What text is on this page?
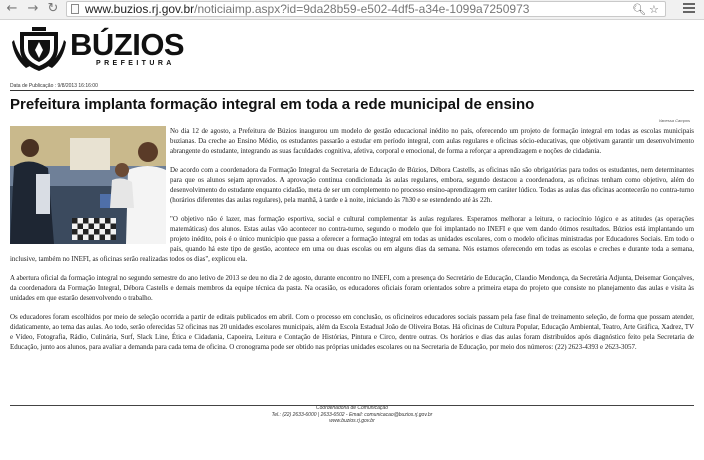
← → ↻ www.buzios.rj.gov.br/noticiaimp.aspx?id=9da28b59-e502-4df5-a34e-1099a7250973	🔍︎ ☆
BÚZIOS
PREFEITURA
Data de Publicação : 9/8/2013 16:16:00
Prefeitura implanta formação integral em toda a rede municipal de ensino
Vanessa Campos

No dia 12 de agosto, a Prefeitura de Búzios inaugurou um modelo de gestão educacional inédito no país, oferecendo um projeto de formação integral em todas as escolas municipais buzianas. Da creche ao Ensino Médio, os estudantes passarão a estudar em período integral, com aulas regulares e oficinas sócio-educativas, que objetivam garantir um desenvolvimento abrangente do estudante, integrando as suas faculdades cognitiva, afetiva, corporal e emocional, de forma a reforçar a aprendizagem e noções de cidadania.

De acordo com a coordenadora da Formação Integral da Secretaria de Educação de Búzios, Débora Castells, as oficinas não são obrigatórias para todos os estudantes, nem determinantes para que os alunos sejam aprovados. A aprovação continua condicionada às aulas regulares, embora, segundo destacou a coordenadora, as oficinas tenham como objetivo, além do desenvolvimento do estudante enquanto cidadão, meta de ser um complemento no processo ensino-aprendizagem em caráter lúdico. Todas as aulas das oficinas acontecerão no contra-turno (horários diferentes das aulas regulares), pela manhã, à tarde e à noite, iniciando às 7h30 e se estendendo até às 22h.

"O objetivo não é lazer, mas formação esportiva, social e cultural complementar às aulas regulares. Esperamos melhorar a leitura, o raciocínio lógico e as atitudes (as operações matemáticas) dos alunos. Estas aulas vão acontecer no contra-turno, segundo o modelo que foi implantado no INEFI e que vem dando ótimos resultados. Búzios está implantando um projeto inédito, pois é o único município que passa a oferecer a formação integral em todas as unidades escolares, com o modelo oficinas ministradas por Educadores Sociais. Em todo o país, quando há este tipo de gestão, acontece em uma ou duas escolas ou em alguns dias da semana. Nós estamos oferecendo em todas as escolas e creches e durante toda a semana, inclusive, também no INEFI, as oficinas serão realizadas todos os dias", explicou ela.

A abertura oficial da formação integral no segundo semestre do ano letivo de 2013 se deu no dia 2 de agosto, durante encontro no INEFI, com a presença do Secretário de Educação, Claudio Mendonça, da Secretária Adjunta, Deisemar Gonçalves, da coordenadora da Formação Integral, Débora Castells e demais membros da equipe técnica da pasta. Na ocasião, os educadores oficiais foram orientados sobre a primeira etapa do projeto que consiste no planejamento das aulas e visita às unidades em que estarão desenvolvendo o trabalho.

Os educadores foram escolhidos por meio de seleção ocorrida a partir de editais publicados em abril. Com o processo em conclusão, os oficineiros educadores sociais passam pela fase final de treinamento seleção, de forma que possam atender, didaticamente, ao tema das aulas. Ao todo, serão oferecidas 52 oficinas nas 20 unidades escolares municipais, além da Escola Estadual João de Oliveira Botas. Há oficinas de Cultura Popular, Educação Ambiental, Teatro, Arte Gráfica, Xadrez, TV e Vídeo, Fotografia, Rádio, Culinária, Surf, Slack Line, Ética e Cidadania, Capoeira, Leitura e Contação de Histórias, Pintura e Circo, dentre outras. Os horários e dias das aulas foram distribuídos após diagnóstico feito pela Secretaria de Educação, junto aos alunos, para avaliar a demanda para cada tema de oficina. O cronograma pode ser obtido nas próprias unidades escolares ou na Secretaria de Educação, por meio dos números: (22) 2623-4393 e 2623-3057.

Coordenadoria de Comunicação
Tel.: (22) 2633-6000 | 2633-6502 - Email: comunicacao@buzios.rj.gov.br
www.buzios.rj.gov.br
